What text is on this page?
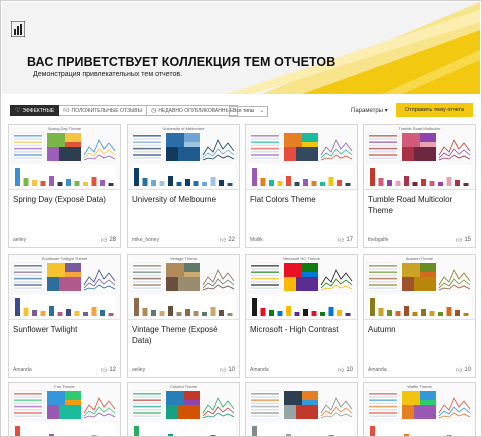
ВАС ПРИВЕТСТВУЕТ КОЛЛЕКЦИЯ ТЕМ ОТЧЕТОВ
Демонстрация привлекательных тем отчетов.
♡ ЭФФЕКТНЫЕ 👍︎ ПОЛОЖИТЕЛЬНЫЕ ОТЗЫВЫ ◷ НЕДАВНО ОПУБЛИКОВАННЫЕ Все типы ⌄	Параметры ▾	Отправить тему отчета
Spring Day Theme
Spring Day (Exposé Data)
aeiley	👍︎ 28
University of Melbourne
University of Melbourne
mike_honey	👍︎ 22
Flat Colors Theme
Mollik	👍︎ 17
Tumble Road Multicolor
Tumble Road Multicolor Theme
thebgalfe	👍︎ 15
Sunflower Twilight Theme
Sunflower Twilight
Amanda	👍︎ 12
Vintage Theme
Vintage Theme (Exposé Data)
aeiley	👍︎ 10
Microsoft HC Theme
Microsoft - High Contrast
Amanda	👍︎ 10
Autumn Theme
Autumn
Amanda	👍︎ 10
Fun Theme	Colorful Theme	Waffle Theme
